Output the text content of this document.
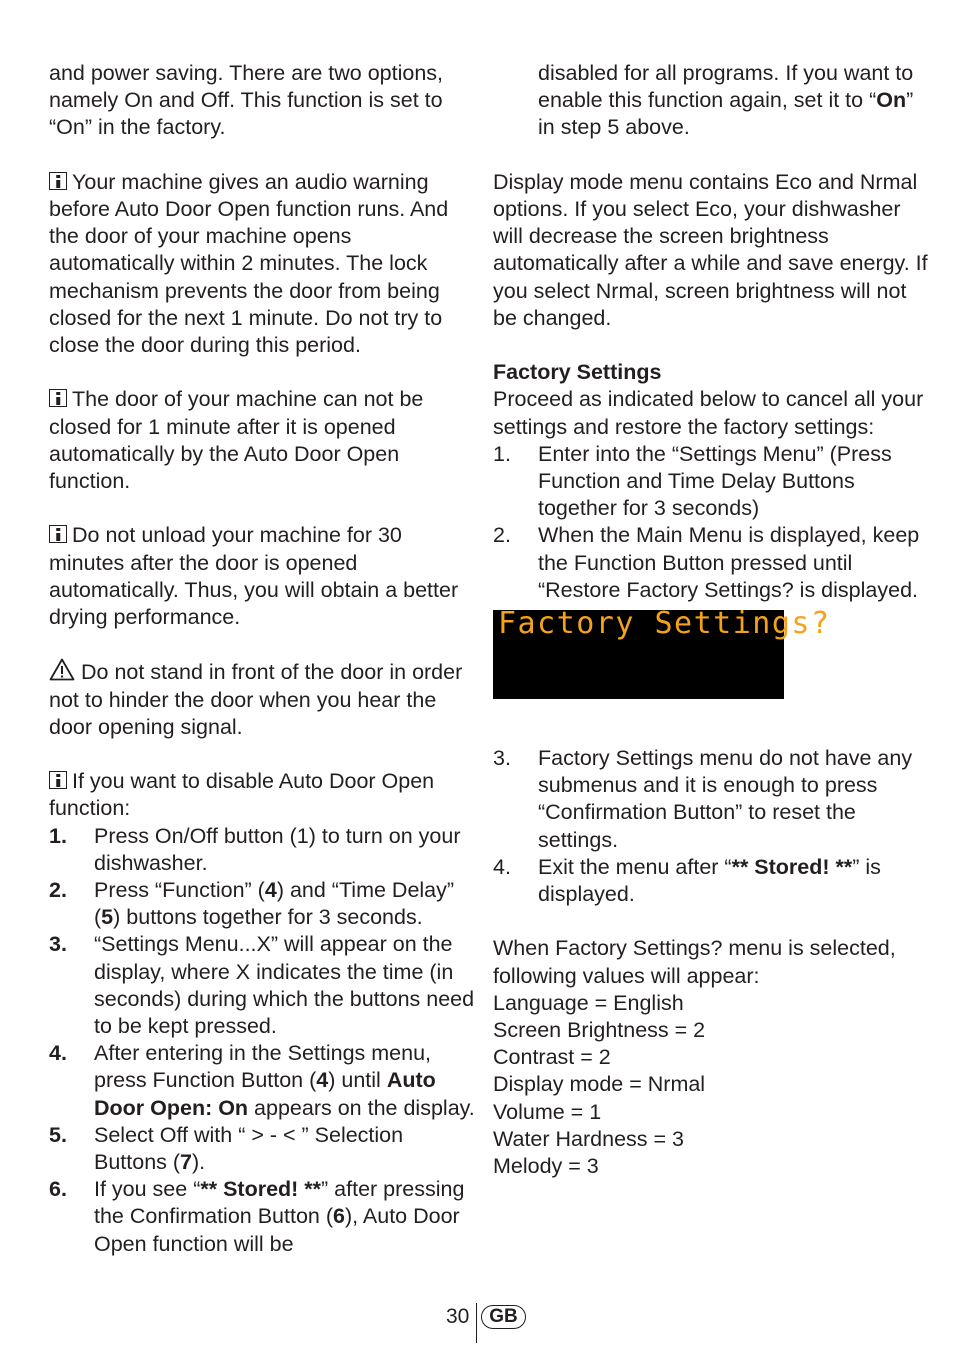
and power saving. There are two options, namely On and Off. This function is set to “On” in the factory.

Your machine gives an audio warning before Auto Door Open function runs. And the door of your machine opens automatically within 2 minutes. The lock mechanism prevents the door from being closed for the next 1 minute. Do not try to close the door during this period.

The door of your machine can not be closed for 1 minute after it is opened automatically by the Auto Door Open function.

Do not unload your machine for 30 minutes after the door is opened automatically. Thus, you will obtain a better drying performance.

Do not stand in front of the door in order not to hinder the door when you hear the door opening signal.

If you want to disable Auto Door Open function:

1. Press On/Off button (1) to turn on your dishwasher.
2. Press “Function” (4) and “Time Delay” (5) buttons together for 3 seconds.
3. “Settings Menu...X” will appear on the display, where X indicates the time (in seconds) during which the buttons need to be kept pressed.
4. After entering in the Settings menu, press Function Button (4) until Auto Door Open: On appears on the display.
5. Select Off with “ > - < ” Selection Buttons (7).
6. If you see “** Stored! **” after pressing the Confirmation Button (6), Auto Door Open function will be
disabled for all programs. If you want to enable this function again, set it to “On” in step 5 above.

Display mode menu contains Eco and Nrmal options. If you select Eco, your dishwasher will decrease the screen brightness automatically after a while and save energy. If you select Nrmal, screen brightness will not be changed.

Factory Settings

Proceed as indicated below to cancel all your settings and restore the factory settings:

1. Enter into the “Settings Menu” (Press Function and Time Delay Buttons together for 3 seconds)
2. When the Main Menu is displayed, keep the Function Button pressed until “Restore Factory Settings? is displayed.
Factory Settings?
3. Factory Settings menu do not have any submenus and it is enough to press “Confirmation Button” to reset the settings.
4. Exit the menu after “** Stored! **” is displayed.

When Factory Settings? menu is selected, following values will appear:

Language = English
Screen Brightness = 2
Contrast = 2
Display mode = Nrmal
Volume = 1
Water Hardness = 3
Melody = 3
30	GB
